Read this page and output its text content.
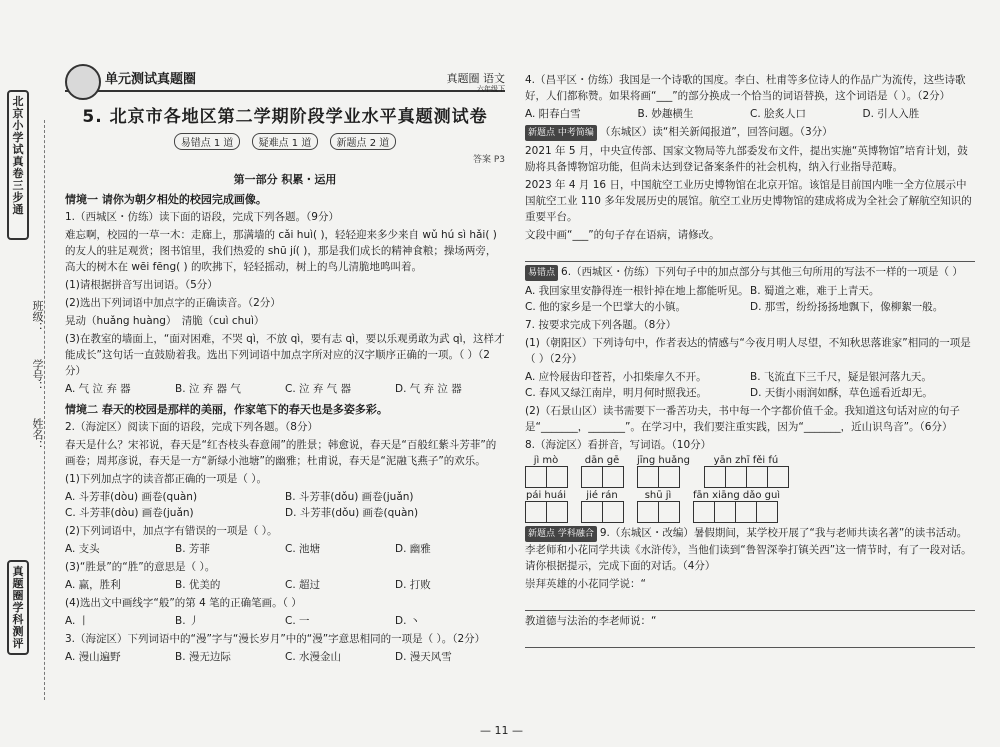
北京小学试真卷三步通
真题圈学科测评
班级：
学号：
姓名：
单元测试真题圈	真题圈 语文
六年级下
5. 北京市各地区第二学期阶段学业水平真题测试卷
易错点 1 道	疑难点 1 道	新题点 2 道
答案 P3
第一部分 积累・运用
情境一 请你为朝夕相处的校园完成画像。

1.（西城区・仿练）读下面的语段，完成下列各题。（9分）

难忘啊，校园的一草一木：走廊上，那满墙的 cǎi huì( )，轻轻迎来多少来自 wǔ hú sì hǎi( ) 的友人的驻足观赏；图书馆里，我们热爱的 shū jí( )，那是我们成长的精神食粮；操场两旁，高大的树木在 wēi fēng( ) 的吹拂下，轻轻摇动，树上的鸟儿清脆地鸣叫着。

(1)请根据拼音写出词语。（5分）

(2)选出下列词语中加点字的正确读音。（2分）

晃动（huǎng huàng）　清脆（cuì chuì）

(3)在教室的墙面上，“面对困难，不哭 qì，不放 qì，要有志 qì，要以乐观勇敢为武 qì，这样才能成长”这句话一直鼓励着我。选出下列词语中加点字所对应的汉字顺序正确的一项。（ ）（2分）

A. 气 泣 弃 器	B. 泣 弃 器 气	C. 泣 弃 气 器	D. 气 弃 泣 器
情境二 春天的校园是那样的美丽，作家笔下的春天也是多姿多彩。

2.（海淀区）阅读下面的语段，完成下列各题。（8分）

春天是什么？宋祁说，春天是“红杏枝头春意闹”的胜景；韩愈说，春天是“百般红紫斗芳菲”的画卷；周邦彦说，春天是一方“新绿小池塘”的幽雅；杜甫说，春天是“泥融飞燕子”的欢乐。

(1)下列加点字的读音都正确的一项是（ ）。

A. 斗芳菲(dòu) 画卷(quàn)	B. 斗芳菲(dǒu) 画卷(juǎn)
C. 斗芳菲(dòu) 画卷(juǎn)	D. 斗芳菲(dǒu) 画卷(quàn)

(2)下列词语中，加点字有错误的一项是（ ）。

A. 支头	B. 芳菲	C. 池塘	D. 幽雅

(3)“胜景”的“胜”的意思是（ ）。

A. 赢，胜利	B. 优美的	C. 超过	D. 打败

(4)选出文中画线字“般”的第 4 笔的正确笔画。（ ）

A. 丨	B. 丿	C. 一	D. 丶

3.（海淀区）下列词语中的“漫”字与“漫长岁月”中的“漫”字意思相同的一项是（ ）。（2分）

A. 漫山遍野	B. 漫无边际	C. 水漫金山	D. 漫天风雪

4.（昌平区・仿练）我国是一个诗歌的国度。李白、杜甫等多位诗人的作品广为流传，这些诗歌好，人们都称赞。如果将画“___”的部分换成一个恰当的词语替换，这个词语是（ ）。（2分）

A. 阳春白雪	B. 妙趣横生	C. 脍炙人口	D. 引人入胜

新题点 中考简编 （东城区）读“相关新闻报道”，回答问题。（3分）

2021 年 5 月，中央宣传部、国家文物局等九部委发布文件，提出实施“英博物馆”培育计划，鼓励将具备博物馆功能，但尚未达到登记备案条件的社会机构，纳入行业指导范畴。

2023 年 4 月 16 日，中国航空工业历史博物馆在北京开馆。该馆是目前国内唯一全方位展示中国航空工业 110 多年发展历史的展馆。航空工业历史博物馆的建成将成为全社会了解航空知识的重要平台。

文段中画“___”的句子存在语病，请修改。

易错点 6.（西城区・仿练）下列句子中的加点部分与其他三句所用的写法不一样的一项是（ ）

A. 我回家里安静得连一根针掉在地上都能听见。 B. 蜀道之难，难于上青天。
C. 他的家乡是一个巴掌大的小镇。	D. 那雪，纷纷扬扬地飘下，像柳絮一般。

7. 按要求完成下列各题。（8分）

(1)（朝阳区）下列诗句中，作者表达的情感与“今夜月明人尽望，不知秋思落谁家”相同的一项是（ ）（2分）

A. 应怜屐齿印苍苔，小扣柴扉久不开。	B. 飞流直下三千尺，疑是银河落九天。
C. 春风又绿江南岸，明月何时照我还。	D. 天街小雨润如酥，草色遥看近却无。

(2)（石景山区）读书需要下一番苦功夫，书中每一个字都价值千金。我知道这句话对应的句子是“_______，_______”。在学习中，我们要注重实践，因为“_______，近山识鸟音”。（6分）

8.（海淀区）看拼音，写词语。（10分）

jì mò	dān gē	jīng huǎng	yān zhī fěi fú
pái huái	jié rán	shū jì	fān xiāng dǎo guì

新题点 学科融合 9.（东城区・改编）暑假期间，某学校开展了“我与老师共读名著”的读书活动。李老师和小花同学共读《水浒传》，当他们读到“鲁智深拳打镇关西”这一情节时，有了一段对话。请你根据提示，完成下面的对话。（4分）

崇拜英雄的小花同学说：“

教道德与法治的李老师说：“

— 11 —
